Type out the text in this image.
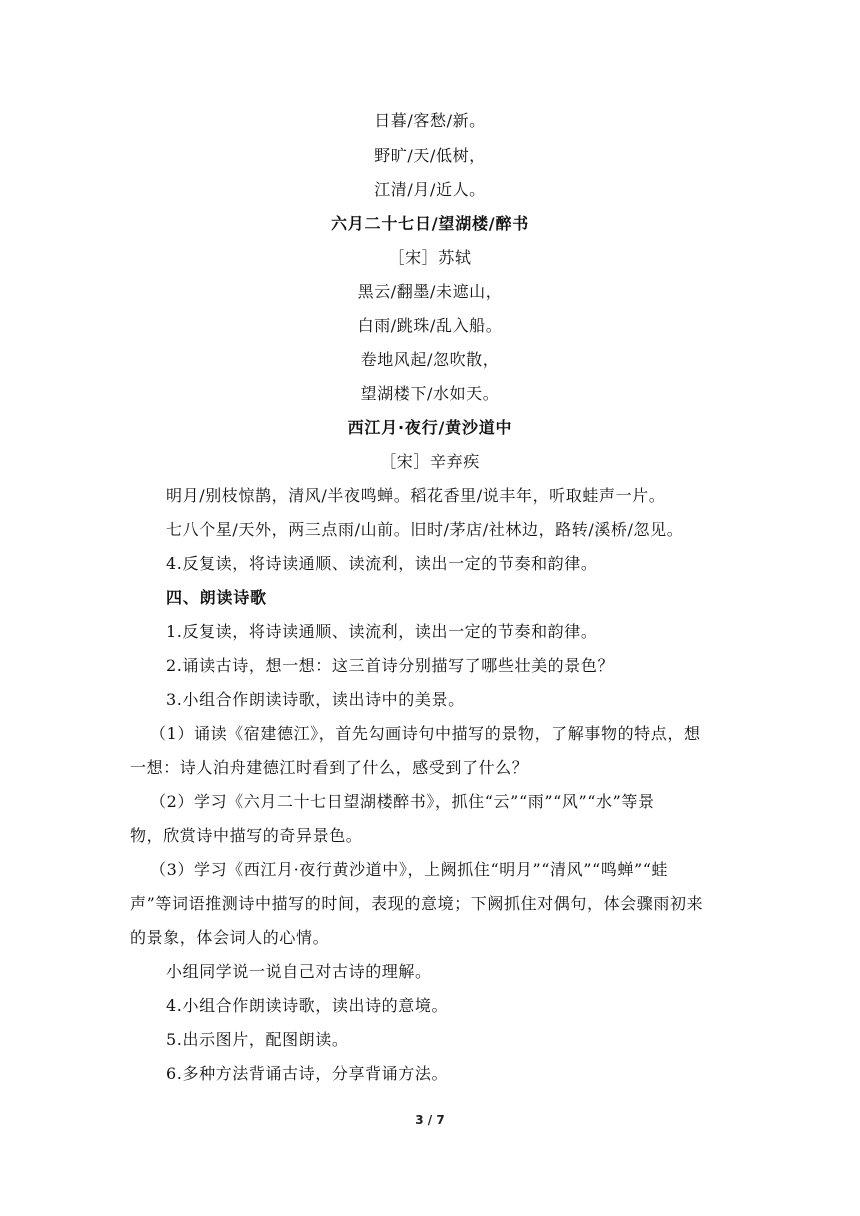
日暮/客愁/新。
野旷/天/低树，
江清/月/近人。
六月二十七日/望湖楼/醉书
［宋］苏轼
黑云/翻墨/未遮山，
白雨/跳珠/乱入船。
卷地风起/忽吹散，
望湖楼下/水如天。
西江月·夜行/黄沙道中
［宋］辛弃疾
明月/别枝惊鹊，清风/半夜鸣蝉。稻花香里/说丰年，听取蛙声一片。
七八个星/天外，两三点雨/山前。旧时/茅店/社林边，路转/溪桥/忽见。
4.反复读，将诗读通顺、读流利，读出一定的节奏和韵律。
四、朗读诗歌
1.反复读，将诗读通顺、读流利，读出一定的节奏和韵律。
2.诵读古诗，想一想：这三首诗分别描写了哪些壮美的景色？
3.小组合作朗读诗歌，读出诗中的美景。
（1）诵读《宿建德江》，首先勾画诗句中描写的景物，了解事物的特点，想
一想：诗人泊舟建德江时看到了什么，感受到了什么？
（2）学习《六月二十七日望湖楼醉书》，抓住“云”“雨”“风”“水”等景
物，欣赏诗中描写的奇异景色。
（3）学习《西江月·夜行黄沙道中》，上阙抓住“明月”“清风”“鸣蝉”“蛙
声”等词语推测诗中描写的时间，表现的意境；下阙抓住对偶句，体会骤雨初来
的景象，体会词人的心情。
小组同学说一说自己对古诗的理解。
4.小组合作朗读诗歌，读出诗的意境。
5.出示图片，配图朗读。
6.多种方法背诵古诗，分享背诵方法。
3 / 7
